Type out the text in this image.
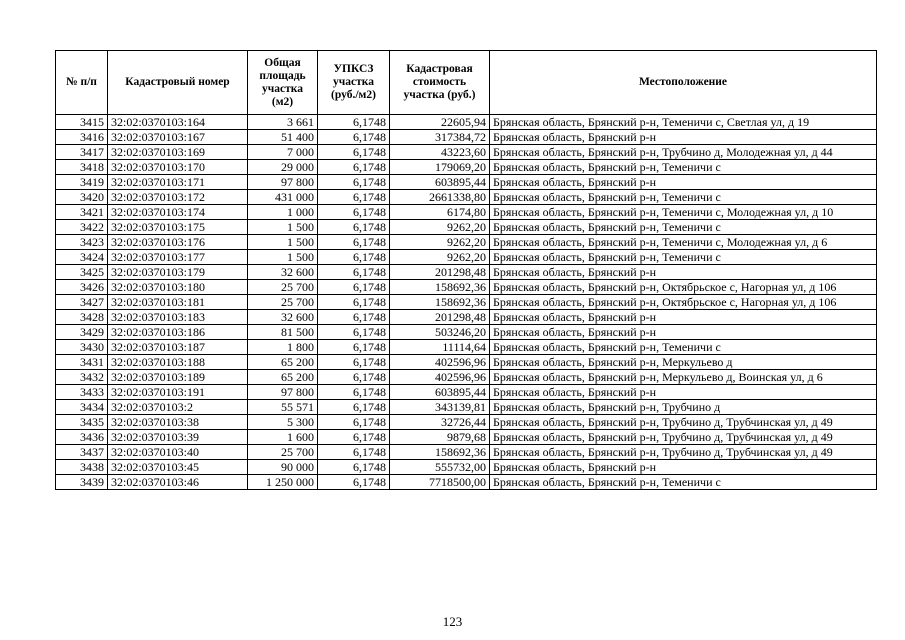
№ п/п	Кадастровый номер	Общая площадь участка (м2)	УПКСЗ участка (руб./м2)	Кадастровая стоимость участка (руб.)	Местоположение
3415	32:02:0370103:164	3 661	6,1748	22605,94	Брянская область, Брянский р-н, Теменичи с, Светлая ул, д 19
3416	32:02:0370103:167	51 400	6,1748	317384,72	Брянская область, Брянский р-н
3417	32:02:0370103:169	7 000	6,1748	43223,60	Брянская область, Брянский р-н, Трубчино д, Молодежная ул, д 44
3418	32:02:0370103:170	29 000	6,1748	179069,20	Брянская область, Брянский р-н, Теменичи с
3419	32:02:0370103:171	97 800	6,1748	603895,44	Брянская область, Брянский р-н
3420	32:02:0370103:172	431 000	6,1748	2661338,80	Брянская область, Брянский р-н, Теменичи с
3421	32:02:0370103:174	1 000	6,1748	6174,80	Брянская область, Брянский р-н, Теменичи с, Молодежная ул, д 10
3422	32:02:0370103:175	1 500	6,1748	9262,20	Брянская область, Брянский р-н, Теменичи с
3423	32:02:0370103:176	1 500	6,1748	9262,20	Брянская область, Брянский р-н, Теменичи с, Молодежная ул, д 6
3424	32:02:0370103:177	1 500	6,1748	9262,20	Брянская область, Брянский р-н, Теменичи с
3425	32:02:0370103:179	32 600	6,1748	201298,48	Брянская область, Брянский р-н
3426	32:02:0370103:180	25 700	6,1748	158692,36	Брянская область, Брянский р-н, Октябрьское с, Нагорная ул, д 106
3427	32:02:0370103:181	25 700	6,1748	158692,36	Брянская область, Брянский р-н, Октябрьское с, Нагорная ул, д 106
3428	32:02:0370103:183	32 600	6,1748	201298,48	Брянская область, Брянский р-н
3429	32:02:0370103:186	81 500	6,1748	503246,20	Брянская область, Брянский р-н
3430	32:02:0370103:187	1 800	6,1748	11114,64	Брянская область, Брянский р-н, Теменичи с
3431	32:02:0370103:188	65 200	6,1748	402596,96	Брянская область, Брянский р-н, Меркульево д
3432	32:02:0370103:189	65 200	6,1748	402596,96	Брянская область, Брянский р-н, Меркульево д, Воинская ул, д 6
3433	32:02:0370103:191	97 800	6,1748	603895,44	Брянская область, Брянский р-н
3434	32:02:0370103:2	55 571	6,1748	343139,81	Брянская область, Брянский р-н, Трубчино д
3435	32:02:0370103:38	5 300	6,1748	32726,44	Брянская область, Брянский р-н, Трубчино д, Трубчинская ул, д 49
3436	32:02:0370103:39	1 600	6,1748	9879,68	Брянская область, Брянский р-н, Трубчино д, Трубчинская ул, д 49
3437	32:02:0370103:40	25 700	6,1748	158692,36	Брянская область, Брянский р-н, Трубчино д, Трубчинская ул, д 49
3438	32:02:0370103:45	90 000	6,1748	555732,00	Брянская область, Брянский р-н
3439	32:02:0370103:46	1 250 000	6,1748	7718500,00	Брянская область, Брянский р-н, Теменичи с
123
